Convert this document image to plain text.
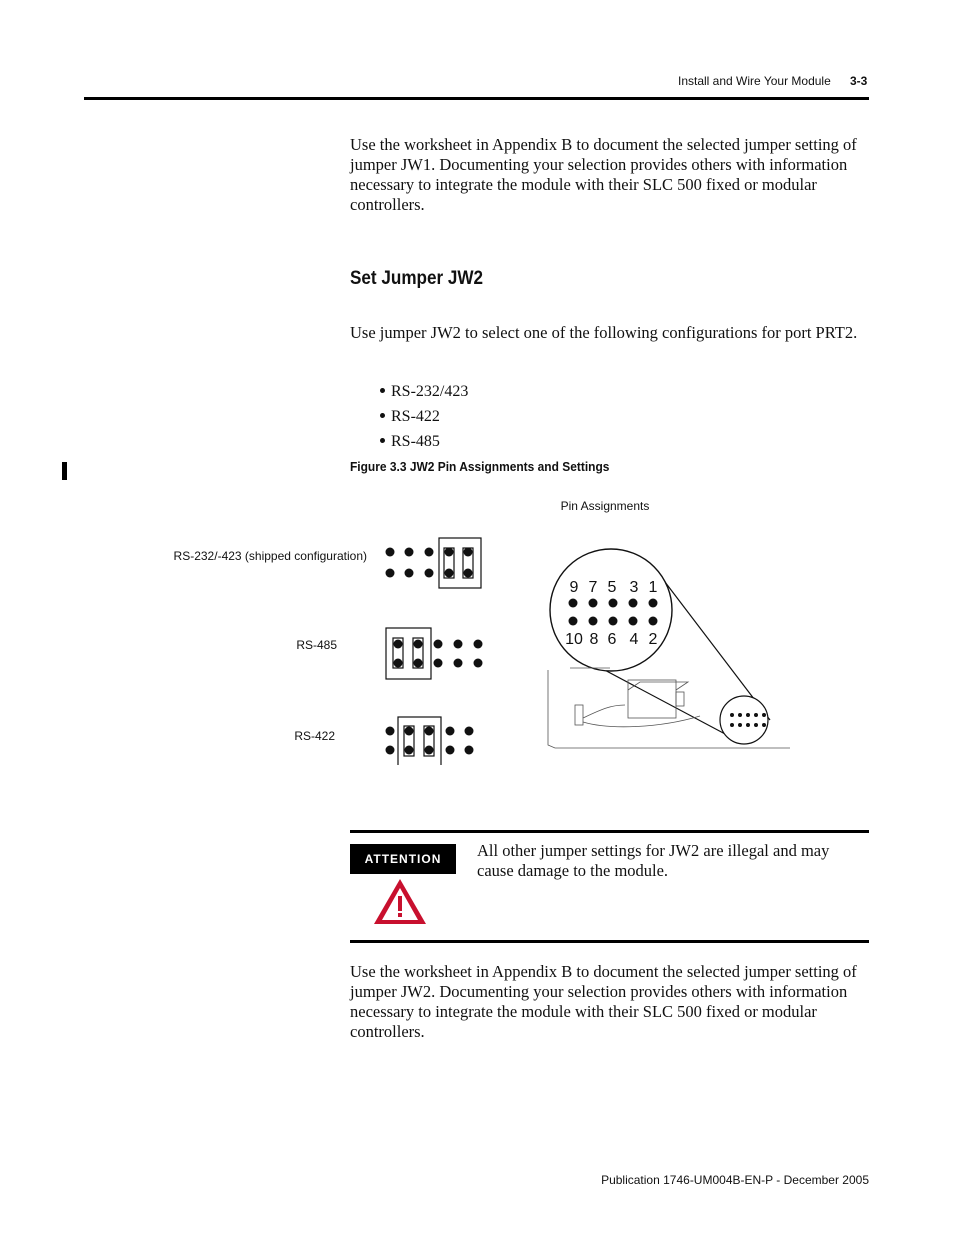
Install and Wire Your Module 3-3

Use the worksheet in Appendix B to document the selected jumper setting of jumper JW1. Documenting your selection provides others with information necessary to integrate the module with their SLC 500 fixed or modular controllers.

Set Jumper JW2

Use jumper JW2 to select one of the following configurations for port PRT2.

RS-232/423
RS-422
RS-485
Figure 3.3 JW2 Pin Assignments and Settings
Pin Assignments
RS-232/-423 (shipped configuration)
RS-485
RS-422
9 7 5 3 1
10 8 6 4 2
ATTENTION	All other jumper settings for JW2 are illegal and may cause damage to the module.

Use the worksheet in Appendix B to document the selected jumper setting of jumper JW2. Documenting your selection provides others with information necessary to integrate the module with their SLC 500 fixed or modular controllers.

Publication 1746-UM004B-EN-P - December 2005
